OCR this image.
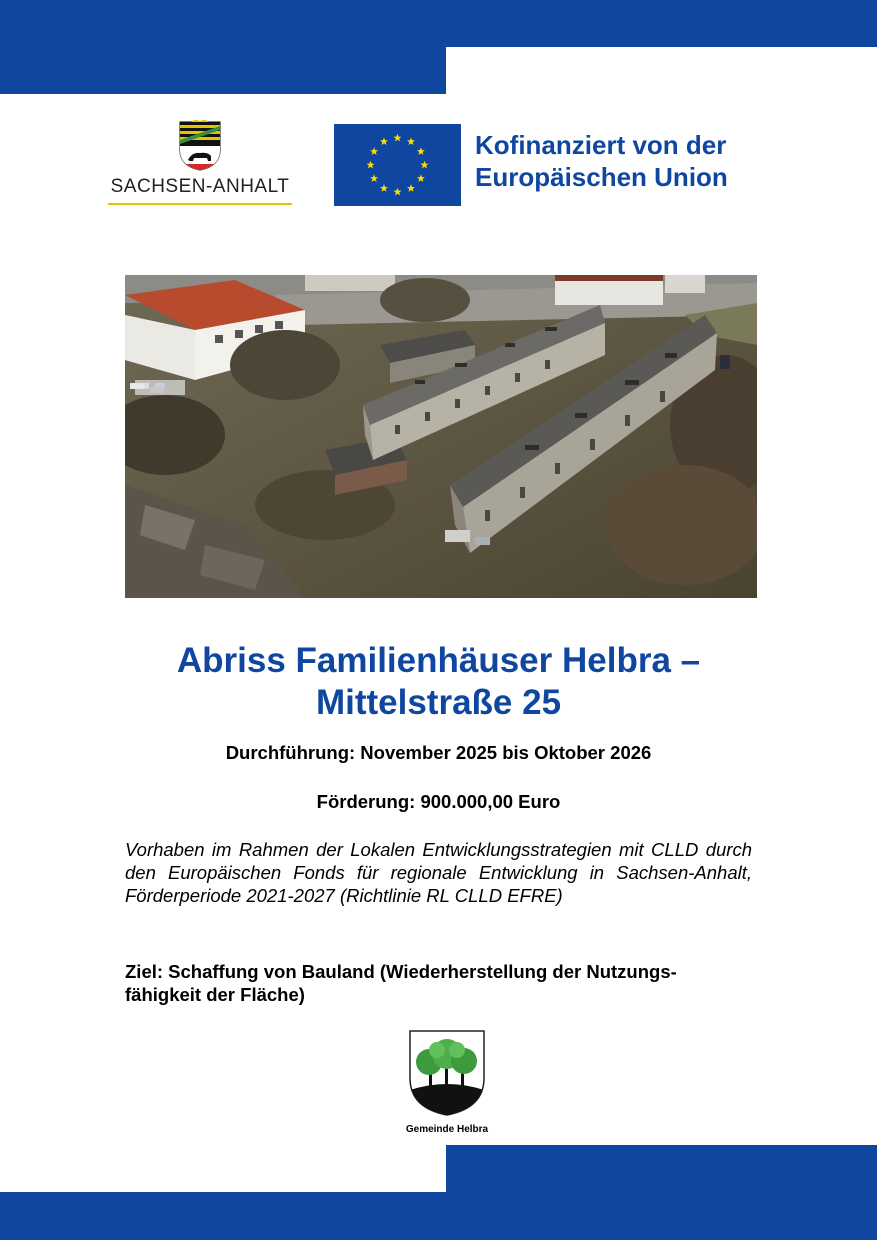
SACHSEN-ANHALT
Kofinanziert von der
Europäischen Union
Abriss Familienhäuser Helbra –
Mittelstraße 25

Durchführung: November 2025 bis Oktober 2026

Förderung: 900.000,00 Euro

Vorhaben im Rahmen der Lokalen Entwicklungsstrategien mit CLLD durch den Europäischen Fonds für regionale Entwicklung in Sachsen-Anhalt, Förderperiode 2021-2027 (Richtlinie RL CLLD EFRE)

Ziel: Schaffung von Bauland (Wiederherstellung der Nutzungs-
fähigkeit der Fläche)

Gemeinde Helbra
